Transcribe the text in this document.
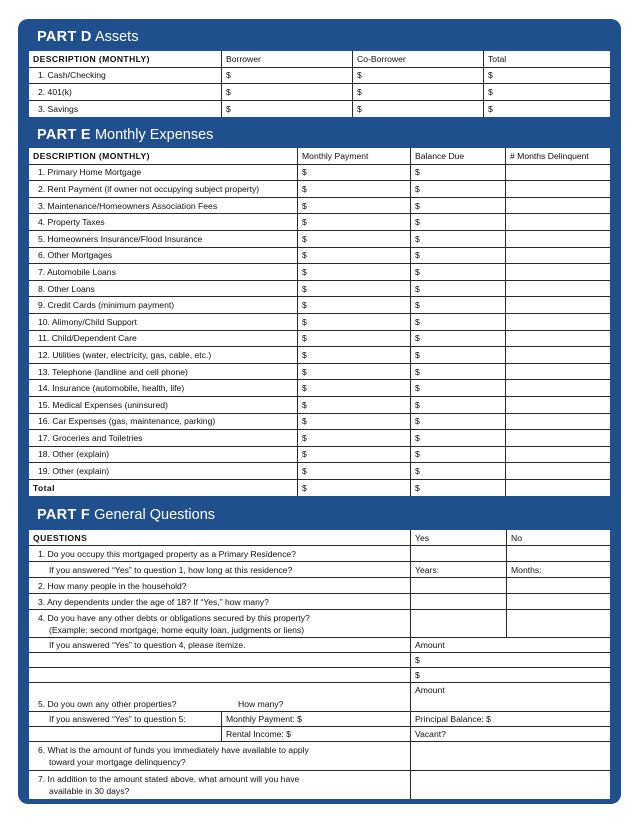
PART D Assets
DESCRIPTION (MONTHLY)	Borrower	Co-Borrower	Total
1. Cash/Checking	$	$	$
2. 401(k)	$	$	$
3. Savings	$	$	$
PART E Monthly Expenses
DESCRIPTION (MONTHLY)	Monthly Payment	Balance Due	# Months Delinquent
1. Primary Home Mortgage	$	$
2. Rent Payment (if owner not occupying subject property)	$	$
3. Maintenance/Homeowners Association Fees	$	$
4. Property Taxes	$	$
5. Homeowners Insurance/Flood Insurance	$	$
6. Other Mortgages	$	$
7. Automobile Loans	$	$
8. Other Loans	$	$
9. Credit Cards (minimum payment)	$	$
10. Alimony/Child Support	$	$
11. Child/Dependent Care	$	$
12. Utilities (water, electricity, gas, cable, etc.)	$	$
13. Telephone (landline and cell phone)	$	$
14. Insurance (automobile, health, life)	$	$
15. Medical Expenses (uninsured)	$	$
16. Car Expenses (gas, maintenance, parking)	$	$
17. Groceries and Toiletries	$	$
18. Other (explain)	$	$
19. Other (explain)	$	$
Total	$	$
PART F General Questions
QUESTIONS	Yes	No
1. Do you occupy this mortgaged property as a Primary Residence?
If you answered “Yes” to question 1, how long at this residence?	Years:	Months:
2. How many people in the household?
3. Any dependents under the age of 18? If “Yes,” how many?
4. Do you have any other debts or obligations secured by this property?
(Example: second mortgage, home equity loan, judgments or liens)
If you answered “Yes” to question 4, please itemize.	Amount
$
$
5. Do you own any other properties?	How many?
Amount
If you answered “Yes” to question 5:	Monthly Payment: $	Principal Balance: $
Rental Income: $	Vacant?
6. What is the amount of funds you immediately have available to apply
toward your mortgage delinquency?
7. In addition to the amount stated above, what amount will you have
available in 30 days?
